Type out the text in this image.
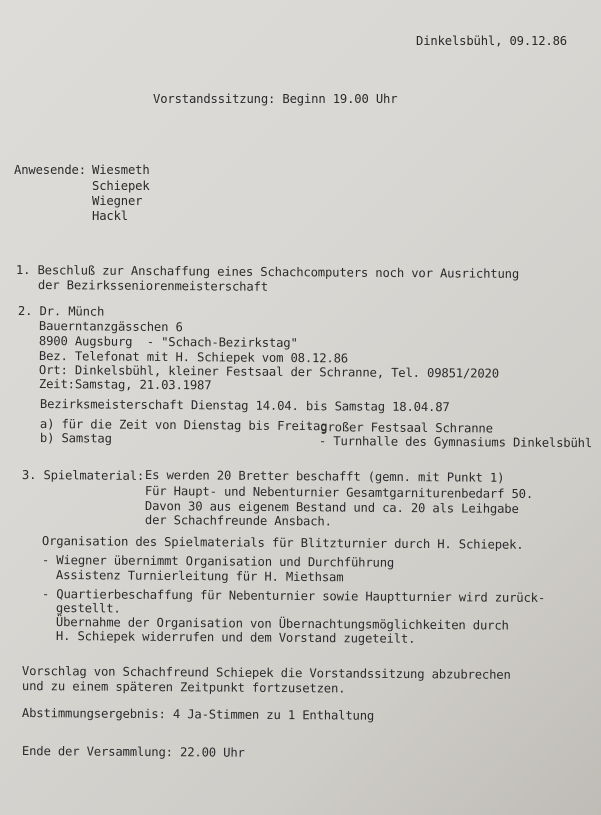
Dinkelsbühl, 09.12.86
Vorstandssitzung: Beginn 19.00 Uhr
Anwesende: Wiesmeth
Schiepek
Wiegner
Hackl
1. Beschluß zur Anschaffung eines Schachcomputers noch vor Ausrichtung
der Bezirksseniorenmeisterschaft
2. Dr. Münch
Bauerntanzgässchen 6
8900 Augsburg  - "Schach-Bezirkstag"
Bez. Telefonat mit H. Schiepek vom 08.12.86
Ort: Dinkelsbühl, kleiner Festsaal der Schranne, Tel. 09851/2020
Zeit:Samstag, 21.03.1987
Bezirksmeisterschaft Dienstag 14.04. bis Samstag 18.04.87
a) für die Zeit von Dienstag bis Freitag
- großer Festsaal Schranne
b) Samstag	- Turnhalle des Gymnasiums Dinkelsbühl
3. Spielmaterial: Es werden 20 Bretter beschafft (gemn. mit Punkt 1)
Für Haupt- und Nebenturnier Gesamtgarniturenbedarf 50.
Davon 30 aus eigenem Bestand und ca. 20 als Leihgabe
der Schachfreunde Ansbach.
Organisation des Spielmaterials für Blitzturnier durch H. Schiepek.
- Wiegner übernimmt Organisation und Durchführung
Assistenz Turnierleitung für H. Miethsam
- Quartierbeschaffung für Nebenturnier sowie Hauptturnier wird zurück-
gestellt.
Übernahme der Organisation von Übernachtungsmöglichkeiten durch
H. Schiepek widerrufen und dem Vorstand zugeteilt.
Vorschlag von Schachfreund Schiepek die Vorstandssitzung abzubrechen
und zu einem späteren Zeitpunkt fortzusetzen.
Abstimmungsergebnis: 4 Ja-Stimmen zu 1 Enthaltung
Ende der Versammlung: 22.00 Uhr
